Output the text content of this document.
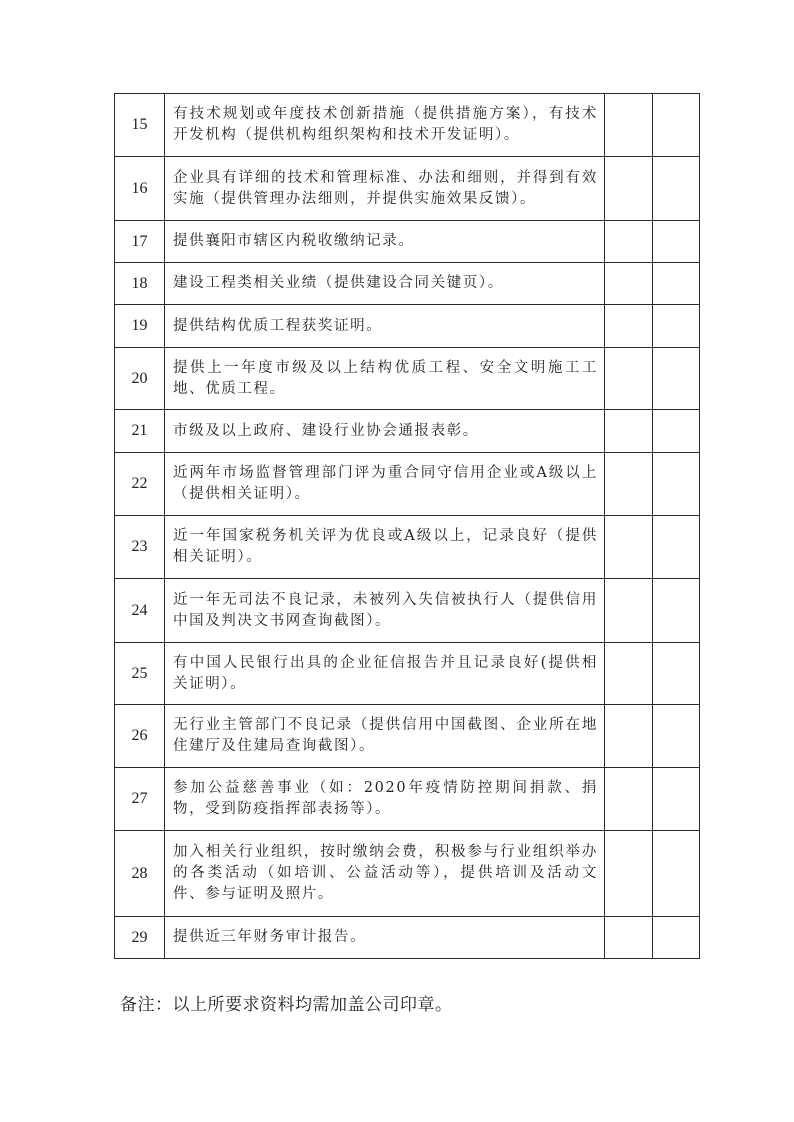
15	有技术规划或年度技术创新措施（提供措施方案），有技术开发机构（提供机构组织架构和技术开发证明）。		
16	企业具有详细的技术和管理标准、办法和细则，并得到有效实施（提供管理办法细则，并提供实施效果反馈）。		
17	提供襄阳市辖区内税收缴纳记录。		
18	建设工程类相关业绩（提供建设合同关键页）。		
19	提供结构优质工程获奖证明。		
20	提供上一年度市级及以上结构优质工程、安全文明施工工地、优质工程。		
21	市级及以上政府、建设行业协会通报表彰。		
22	近两年市场监督管理部门评为重合同守信用企业或A级以上（提供相关证明）。		
23	近一年国家税务机关评为优良或A级以上，记录良好（提供相关证明）。		
24	近一年无司法不良记录，未被列入失信被执行人（提供信用中国及判决文书网查询截图）。		
25	有中国人民银行出具的企业征信报告并且记录良好(提供相关证明）。		
26	无行业主管部门不良记录（提供信用中国截图、企业所在地住建厅及住建局查询截图）。		
27	参加公益慈善事业（如：2020年疫情防控期间捐款、捐物，受到防疫指挥部表扬等）。		
28	加入相关行业组织，按时缴纳会费，积极参与行业组织举办的各类活动（如培训、公益活动等），提供培训及活动文件、参与证明及照片。		
29	提供近三年财务审计报告。		
备注：以上所要求资料均需加盖公司印章。
